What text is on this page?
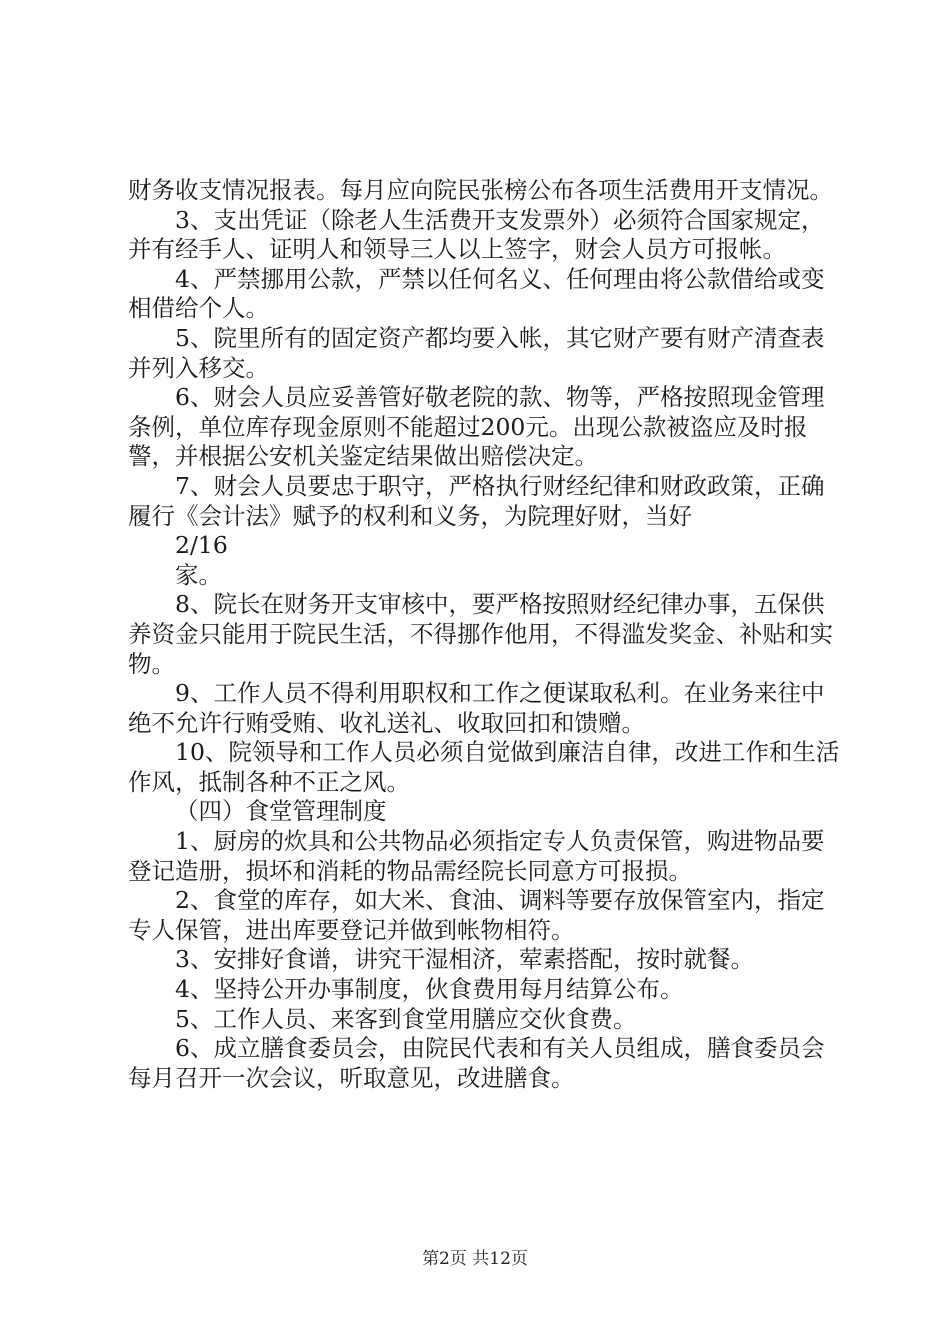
财务收支情况报表。每月应向院民张榜公布各项生活费用开支情况。

3、支出凭证（除老人生活费开支发票外）必须符合国家规定，并有经手人、证明人和领导三人以上签字，财会人员方可报帐。

4、严禁挪用公款，严禁以任何名义、任何理由将公款借给或变相借给个人。

5、院里所有的固定资产都均要入帐，其它财产要有财产清查表并列入移交。

6、财会人员应妥善管好敬老院的款、物等，严格按照现金管理条例，单位库存现金原则不能超过200元。出现公款被盗应及时报警，并根据公安机关鉴定结果做出赔偿决定。

7、财会人员要忠于职守，严格执行财经纪律和财政政策，正确履行《会计法》赋予的权利和义务，为院理好财，当好

2/16

家。

8、院长在财务开支审核中，要严格按照财经纪律办事，五保供养资金只能用于院民生活，不得挪作他用，不得滥发奖金、补贴和实物。

9、工作人员不得利用职权和工作之便谋取私利。在业务来往中绝不允许行贿受贿、收礼送礼、收取回扣和馈赠。

10、院领导和工作人员必须自觉做到廉洁自律，改进工作和生活作风，抵制各种不正之风。

（四）食堂管理制度

1、厨房的炊具和公共物品必须指定专人负责保管，购进物品要登记造册，损坏和消耗的物品需经院长同意方可报损。

2、食堂的库存，如大米、食油、调料等要存放保管室内，指定专人保管，进出库要登记并做到帐物相符。

3、安排好食谱，讲究干湿相济，荤素搭配，按时就餐。

4、坚持公开办事制度，伙食费用每月结算公布。

5、工作人员、来客到食堂用膳应交伙食费。

6、成立膳食委员会，由院民代表和有关人员组成，膳食委员会每月召开一次会议，听取意见，改进膳食。

第2页 共12页
